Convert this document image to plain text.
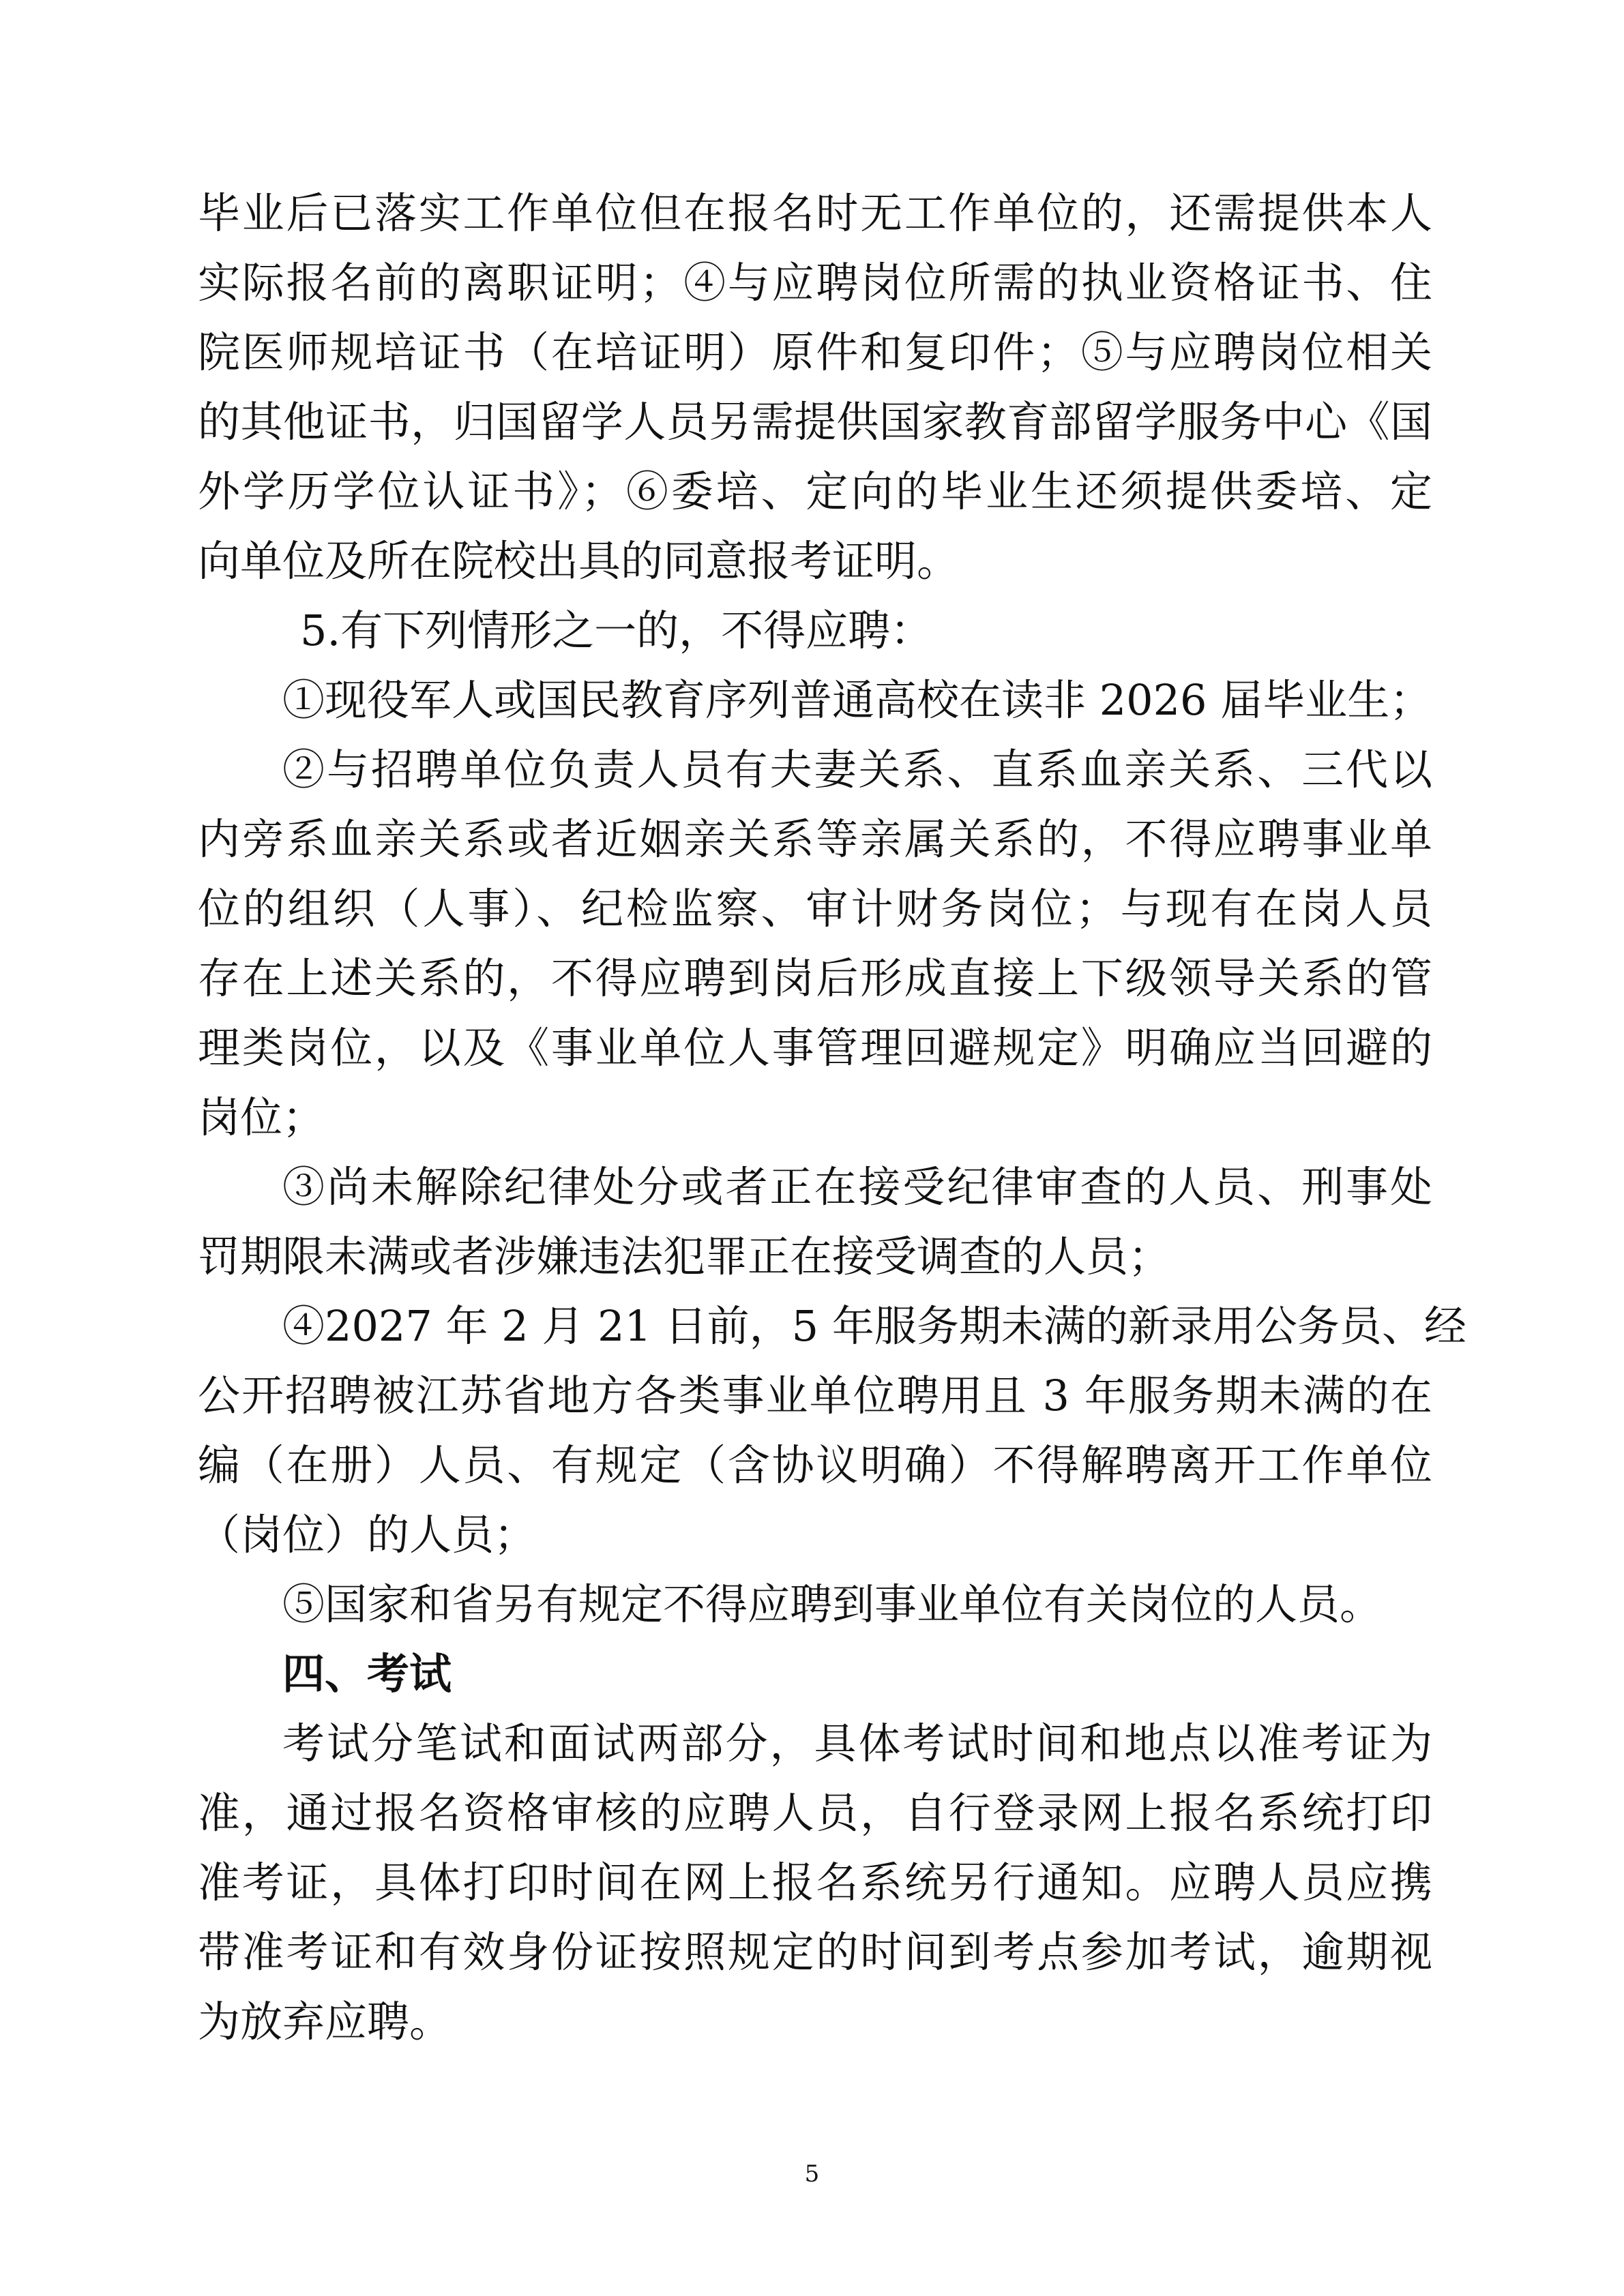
毕业后已落实工作单位但在报名时无工作单位的，还需提供本人
实际报名前的离职证明；④与应聘岗位所需的执业资格证书、住
院医师规培证书（在培证明）原件和复印件；⑤与应聘岗位相关
的其他证书，归国留学人员另需提供国家教育部留学服务中心《国
外学历学位认证书》；⑥委培、定向的毕业生还须提供委培、定
向单位及所在院校出具的同意报考证明。
5.有下列情形之一的，不得应聘：
①现役军人或国民教育序列普通高校在读非 2026 届毕业生；
②与招聘单位负责人员有夫妻关系、直系血亲关系、三代以
内旁系血亲关系或者近姻亲关系等亲属关系的，不得应聘事业单
位的组织（人事）、纪检监察、审计财务岗位；与现有在岗人员
存在上述关系的，不得应聘到岗后形成直接上下级领导关系的管
理类岗位，以及《事业单位人事管理回避规定》明确应当回避的
岗位；
③尚未解除纪律处分或者正在接受纪律审查的人员、刑事处
罚期限未满或者涉嫌违法犯罪正在接受调查的人员；
④2027 年 2 月 21 日前，5 年服务期未满的新录用公务员、经
公开招聘被江苏省地方各类事业单位聘用且 3 年服务期未满的在
编（在册）人员、有规定（含协议明确）不得解聘离开工作单位
（岗位）的人员；
⑤国家和省另有规定不得应聘到事业单位有关岗位的人员。
四、考试
考试分笔试和面试两部分，具体考试时间和地点以准考证为
准，通过报名资格审核的应聘人员，自行登录网上报名系统打印
准考证，具体打印时间在网上报名系统另行通知。应聘人员应携
带准考证和有效身份证按照规定的时间到考点参加考试，逾期视
为放弃应聘。
5
